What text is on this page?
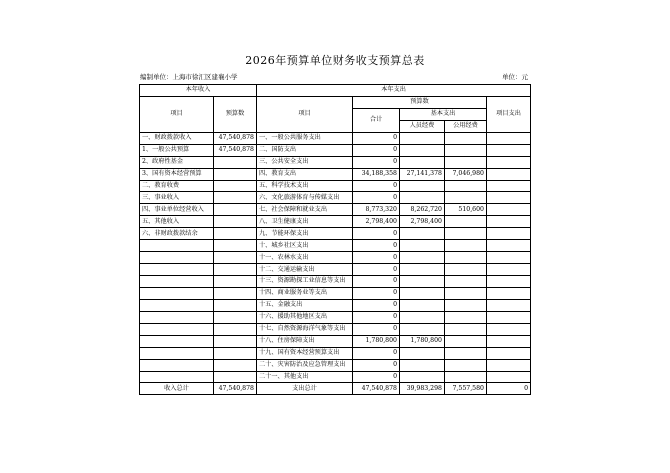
2026年预算单位财务收支预算总表
编制单位：上海市徐汇区建襄小学	单位：元
本年收入		本年支出				
项目	预算数	项目	预算数			项目支出
			合计	基本支出		
				人员经费	公用经费	
一、财政拨款收入	47,540,878	一、一般公共服务支出	0			
1、一般公共预算	47,540,878	二、国防支出	0			
2、政府性基金		三、公共安全支出	0			
3、国有资本经营预算		四、教育支出	34,188,358	27,141,378	7,046,980	
二、教育收费		五、科学技术支出	0			
三、事业收入		六、文化旅游体育与传媒支出	0			
四、事业单位经营收入		七、社会保障和就业支出	8,773,320	8,262,720	510,600	
五、其他收入		八、卫生健康支出	2,798,400	2,798,400		
六、非财政拨款结余		九、节能环保支出	0			
		十、城乡社区支出	0			
		十一、农林水支出	0			
		十二、交通运输支出	0			
		十三、资源勘探工业信息等支出	0			
		十四、商业服务业等支出	0			
		十五、金融支出	0			
		十六、援助其他地区支出	0			
		十七、自然资源海洋气象等支出	0			
		十八、住房保障支出	1,780,800	1,780,800		
		十九、国有资本经营预算支出	0			
		二十、灾害防治及应急管理支出	0			
		二十一、其他支出	0			
收入总计	47,540,878	支出总计	47,540,878	39,983,298	7,557,580	0
